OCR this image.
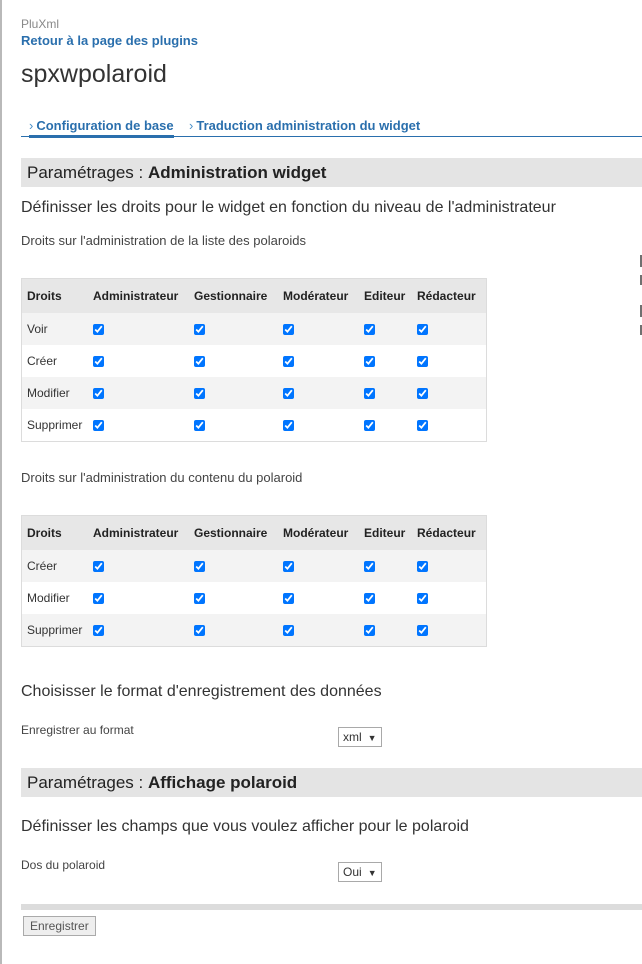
PluXml
Retour à la page des plugins
spxwpolaroid
› Configuration de base › Traduction administration du widget
Paramétrages : Administration widget
Définisser les droits pour le widget en fonction du niveau de l'administrateur
Droits sur l'administration de la liste des polaroids
Droits	Administrateur	Gestionnaire	Modérateur	Editeur	Rédacteur
Voir					
Créer					
Modifier					
Supprimer					
Droits sur l'administration du contenu du polaroid
Droits	Administrateur	Gestionnaire	Modérateur	Editeur	Rédacteur
Créer					
Modifier					
Supprimer					
Choisisser le format d'enregistrement des données
Enregistrer au format	xml ▼
Paramétrages : Affichage polaroid
Définisser les champs que vous voulez afficher pour le polaroid
Dos du polaroid	Oui ▼
Enregistrer
